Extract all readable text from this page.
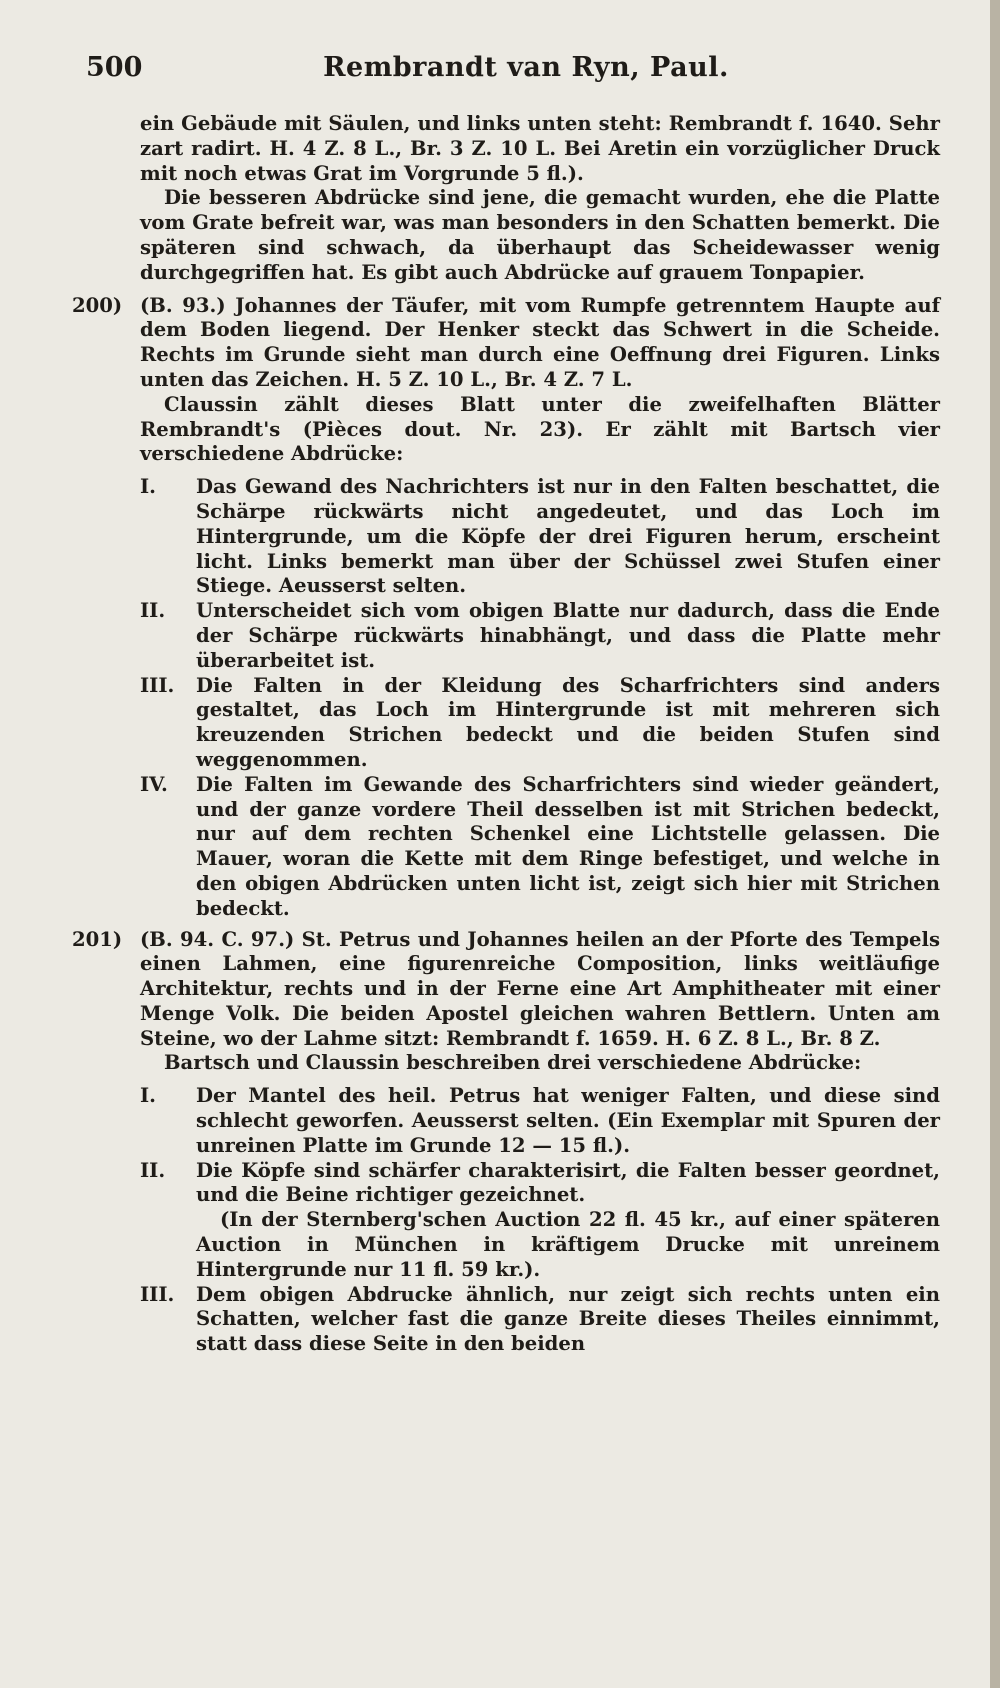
500	Rembrandt van Ryn, Paul.

ein Gebäude mit Säulen, und links unten steht: Rembrandt f. 1640. Sehr zart radirt. H. 4 Z. 8 L., Br. 3 Z. 10 L. Bei Aretin ein vorzüglicher Druck mit noch etwas Grat im Vorgrunde 5 fl.).

Die besseren Abdrücke sind jene, die gemacht wurden, ehe die Platte vom Grate befreit war, was man besonders in den Schatten bemerkt. Die späteren sind schwach, da überhaupt das Scheidewasser wenig durchgegriffen hat. Es gibt auch Abdrücke auf grauem Tonpapier.

200) (B. 93.) Johannes der Täufer, mit vom Rumpfe getrenntem Haupte auf dem Boden liegend. Der Henker steckt das Schwert in die Scheide. Rechts im Grunde sieht man durch eine Oeffnung drei Figuren. Links unten das Zeichen. H. 5 Z. 10 L., Br. 4 Z. 7 L.

Claussin zählt dieses Blatt unter die zweifelhaften Blätter Rembrandt's (Pièces dout. Nr. 23). Er zählt mit Bartsch vier verschiedene Abdrücke:

I. Das Gewand des Nachrichters ist nur in den Falten beschattet, die Schärpe rückwärts nicht angedeutet, und das Loch im Hintergrunde, um die Köpfe der drei Figuren herum, erscheint licht. Links bemerkt man über der Schüssel zwei Stufen einer Stiege. Aeusserst selten.

II. Unterscheidet sich vom obigen Blatte nur dadurch, dass die Ende der Schärpe rückwärts hinabhängt, und dass die Platte mehr überarbeitet ist.

III. Die Falten in der Kleidung des Scharfrichters sind anders gestaltet, das Loch im Hintergrunde ist mit mehreren sich kreuzenden Strichen bedeckt und die beiden Stufen sind weggenommen.

IV. Die Falten im Gewande des Scharfrichters sind wieder geändert, und der ganze vordere Theil desselben ist mit Strichen bedeckt, nur auf dem rechten Schenkel eine Lichtstelle gelassen. Die Mauer, woran die Kette mit dem Ringe befestiget, und welche in den obigen Abdrücken unten licht ist, zeigt sich hier mit Strichen bedeckt.

201) (B. 94. C. 97.) St. Petrus und Johannes heilen an der Pforte des Tempels einen Lahmen, eine figurenreiche Composition, links weitläufige Architektur, rechts und in der Ferne eine Art Amphitheater mit einer Menge Volk. Die beiden Apostel gleichen wahren Bettlern. Unten am Steine, wo der Lahme sitzt: Rembrandt f. 1659. H. 6 Z. 8 L., Br. 8 Z.

Bartsch und Claussin beschreiben drei verschiedene Abdrücke:

I. Der Mantel des heil. Petrus hat weniger Falten, und diese sind schlecht geworfen. Aeusserst selten. (Ein Exemplar mit Spuren der unreinen Platte im Grunde 12 — 15 fl.).

II. Die Köpfe sind schärfer charakterisirt, die Falten besser geordnet, und die Beine richtiger gezeichnet.

(In der Sternberg'schen Auction 22 fl. 45 kr., auf einer späteren Auction in München in kräftigem Drucke mit unreinem Hintergrunde nur 11 fl. 59 kr.).

III. Dem obigen Abdrucke ähnlich, nur zeigt sich rechts unten ein Schatten, welcher fast die ganze Breite dieses Theiles einnimmt, statt dass diese Seite in den beiden
